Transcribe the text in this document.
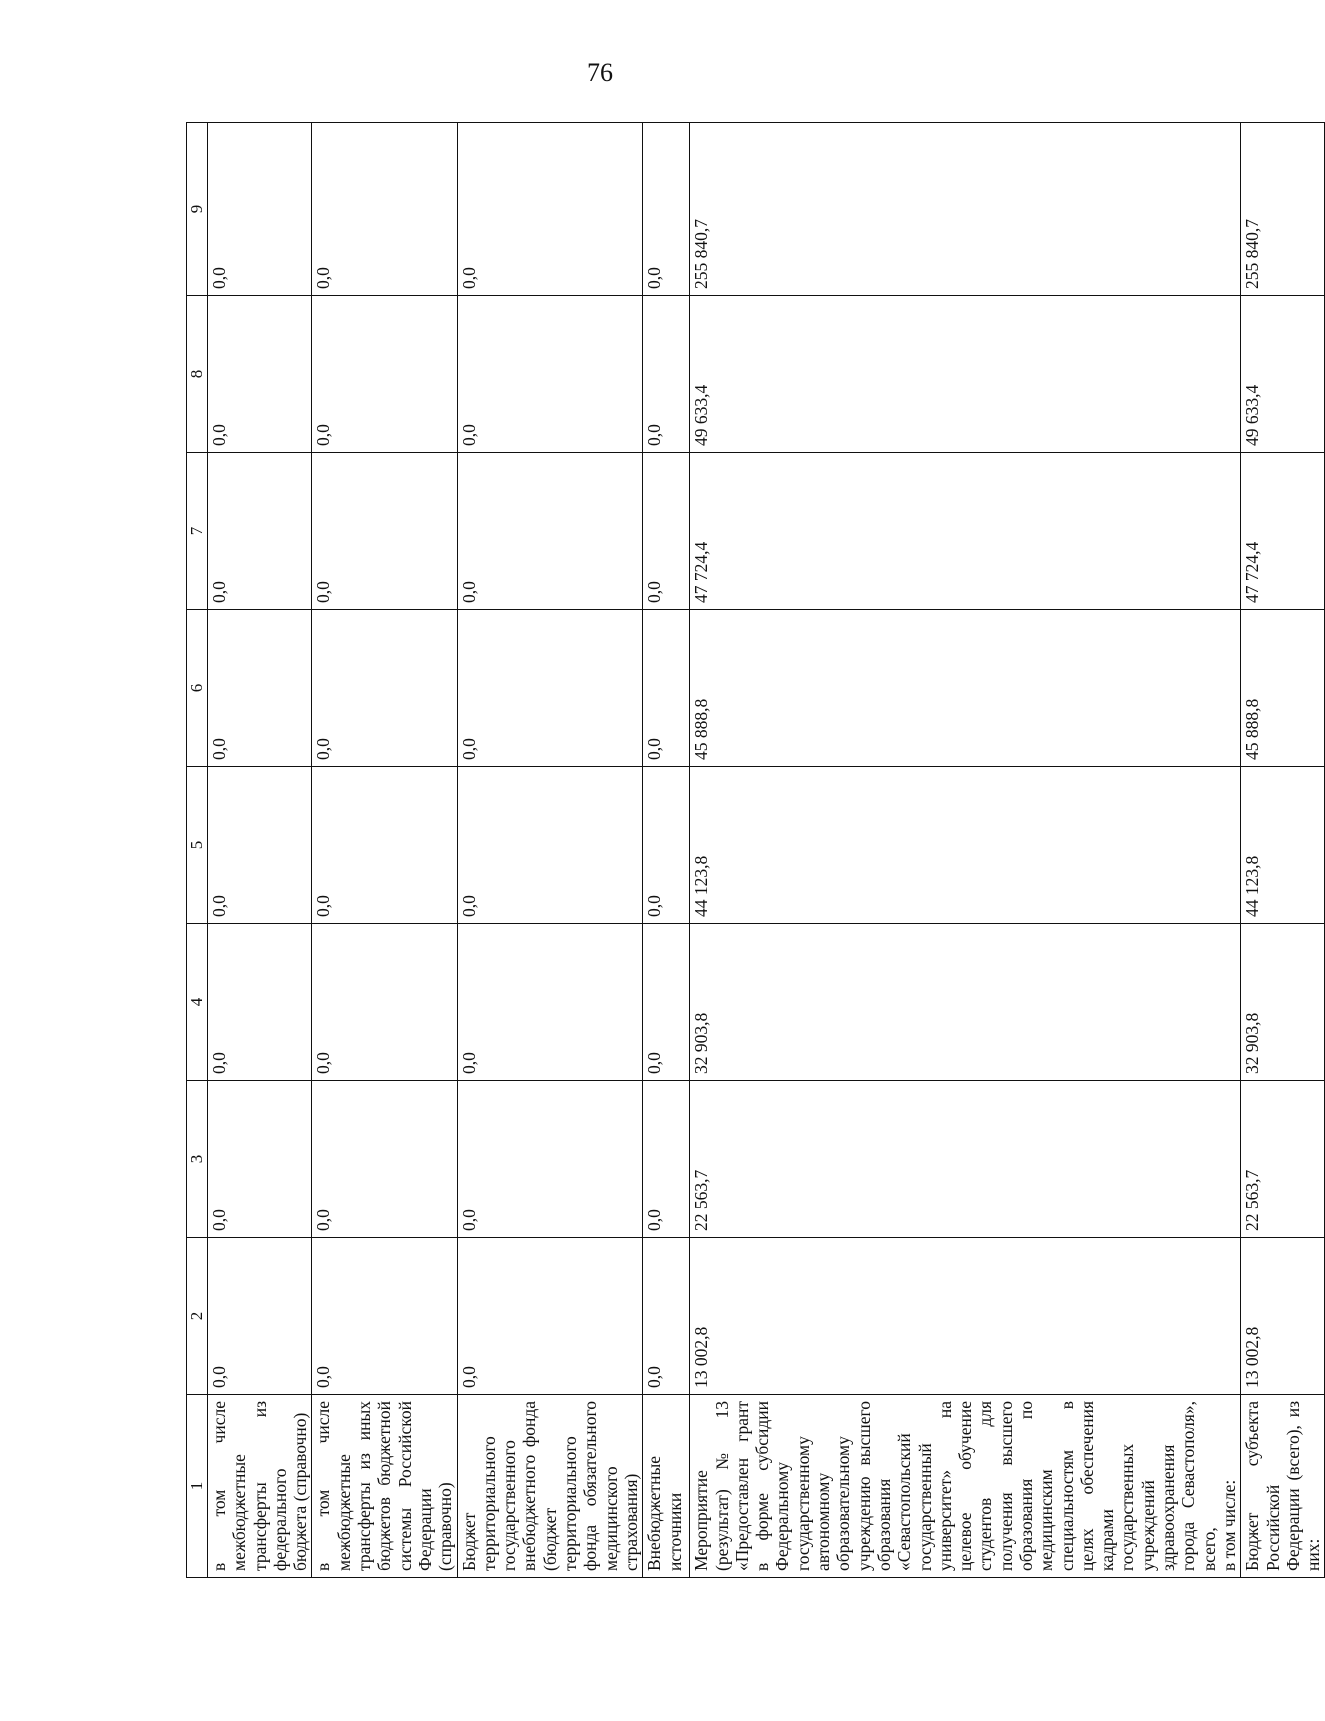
76
1	2	3	4	5	6	7	8	9
в том числе межбюджетные трансферты из федерального бюджета (справочно)	0,0	0,0	0,0	0,0	0,0	0,0	0,0	0,0
в том числе межбюджетные трансферты из иных бюджетов бюджетной системы Российской Федерации (справочно)	0,0	0,0	0,0	0,0	0,0	0,0	0,0	0,0
Бюджет территориального государственного внебюджетного фонда (бюджет территориального фонда обязательного медицинского страхования)	0,0	0,0	0,0	0,0	0,0	0,0	0,0	0,0
Внебюджетные источники	0,0	0,0	0,0	0,0	0,0	0,0	0,0	0,0
Мероприятие (результат) № 13 «Предоставлен грант в форме субсидии Федеральному государственному автономному образовательному учреждению высшего образования «Севастопольский государственный университет» на целевое обучение студентов для получения высшего образования по медицинским специальностям в целях обеспечения кадрами государственных учреждений здравоохранения города Севастополя», всего, в том числе:	13 002,8	22 563,7	32 903,8	44 123,8	45 888,8	47 724,4	49 633,4	255 840,7
Бюджет субъекта Российской Федерации (всего), из них:	13 002,8	22 563,7	32 903,8	44 123,8	45 888,8	47 724,4	49 633,4	255 840,7
